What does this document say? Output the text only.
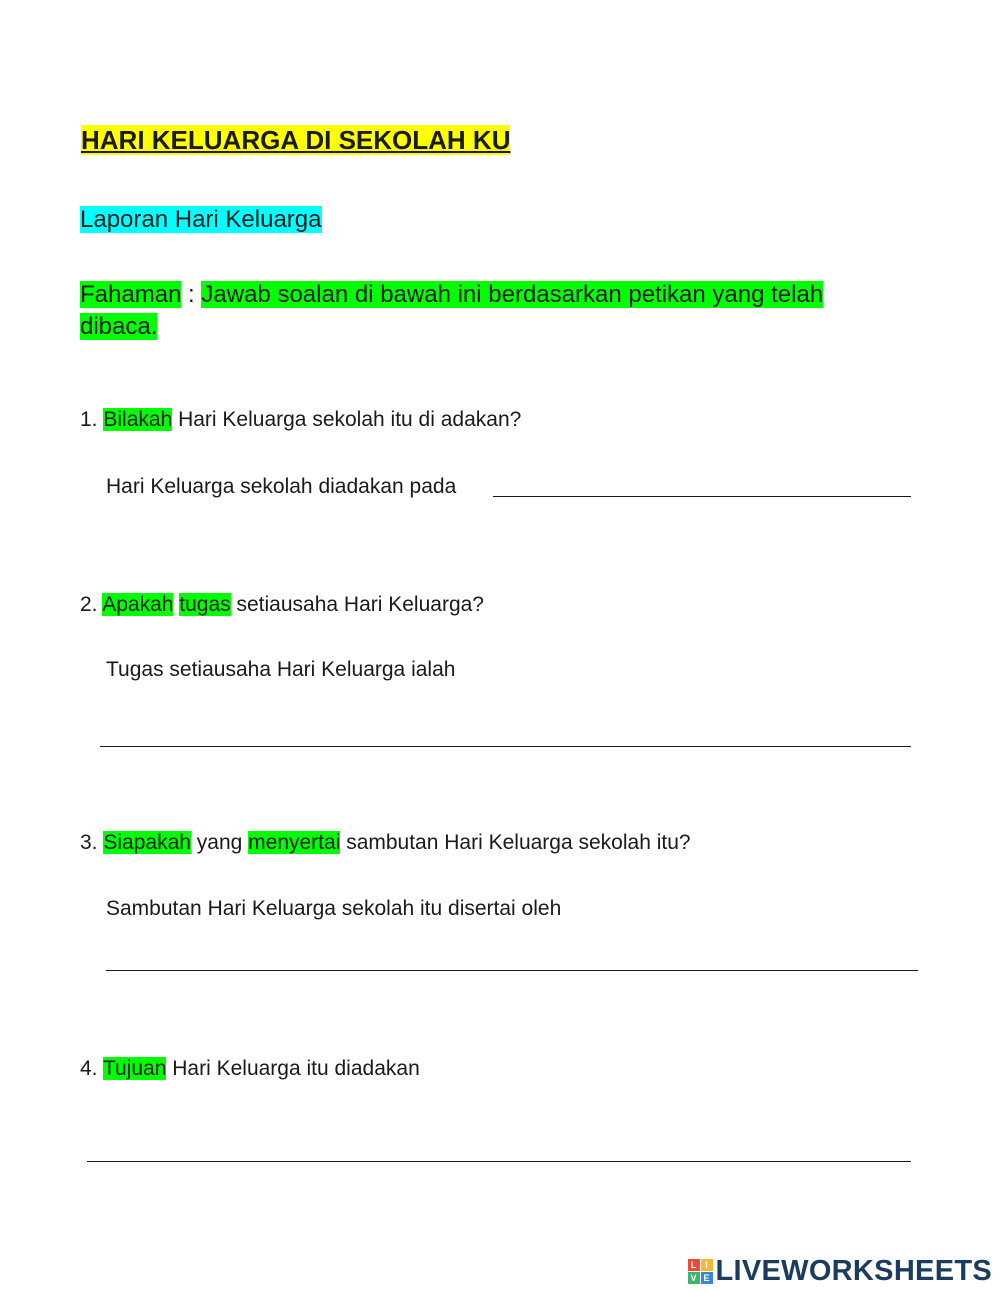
HARI KELUARGA DI SEKOLAH KU
Laporan Hari Keluarga
Fahaman : Jawab soalan di bawah ini berdasarkan petikan yang telah
dibaca.
1. Bilakah Hari Keluarga sekolah itu di adakan?
Hari Keluarga sekolah diadakan pada
2. Apakah tugas setiausaha Hari Keluarga?
Tugas setiausaha Hari Keluarga ialah
3. Siapakah yang menyertai sambutan Hari Keluarga sekolah itu?
Sambutan Hari Keluarga sekolah itu disertai oleh
4. Tujuan Hari Keluarga itu diadakan
L I
V E LIVEWORKSHEETS
